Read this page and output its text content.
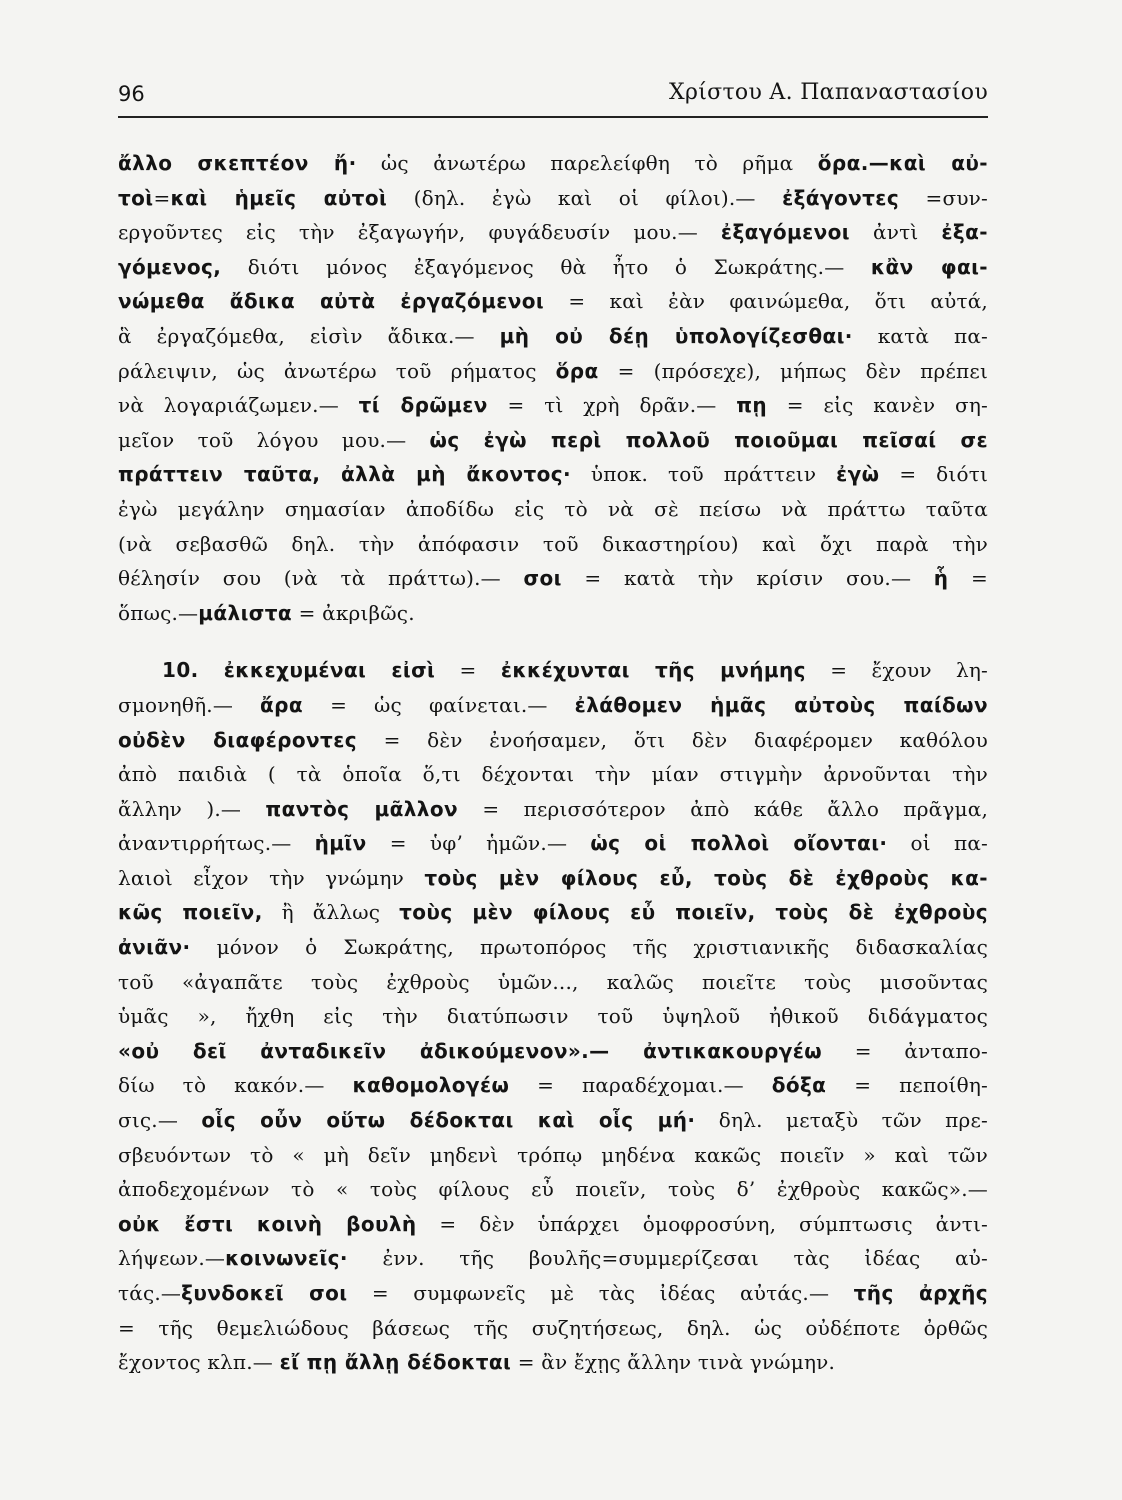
96	Χρίστου Α. Παπαναστασίου
ἄλλο σκεπτέον ἤ· ὡς ἀνωτέρω παρελείφθη τὸ ρῆμα ὅρα.—καὶ αὐ-
τοὶ=καὶ ἡμεῖς αὐτοὶ (δηλ. ἐγὼ καὶ οἱ φίλοι).— ἐξάγοντες =συν-
εργοῦντες εἰς τὴν ἐξαγωγήν, φυγάδευσίν μου.— ἐξαγόμενοι ἀντὶ ἐξα-
γόμενος, διότι μόνος ἐξαγόμενος θὰ ἦτο ὁ Σωκράτης.— κἂν φαι-
νώμεθα ἄδικα αὐτὰ ἐργαζόμενοι = καὶ ἐὰν φαινώμεθα, ὅτι αὐτά,
ἃ ἐργαζόμεθα, εἰσὶν ἄδικα.— μὴ οὐ δέῃ ὑπολογίζεσθαι· κατὰ πα-
ράλειψιν, ὡς ἀνωτέρω τοῦ ρήματος ὅρα = (πρόσεχε), μήπως δὲν πρέπει
νὰ λογαριάζωμεν.— τί δρῶμεν = τὶ χρὴ δρᾶν.— πῃ = εἰς κανὲν ση-
μεῖον τοῦ λόγου μου.— ὡς ἐγὼ περὶ πολλοῦ ποιοῦμαι πεῖσαί σε
πράττειν ταῦτα, ἀλλὰ μὴ ἄκοντος· ὑποκ. τοῦ πράττειν ἐγὼ = διότι
ἐγὼ μεγάλην σημασίαν ἀποδίδω εἰς τὸ νὰ σὲ πείσω νὰ πράττω ταῦτα
(νὰ σεβασθῶ δηλ. τὴν ἀπόφασιν τοῦ δικαστηρίου) καὶ ὄχι παρὰ τὴν
θέλησίν σου (νὰ τὰ πράττω).— σοι = κατὰ τὴν κρίσιν σου.— ἧ =
ὅπως.—μάλιστα = ἀκριβῶς.
10. ἐκκεχυμέναι εἰσὶ = ἐκκέχυνται τῆς μνήμης = ἔχουν λη-
σμονηθῆ.— ἄρα = ὡς φαίνεται.— ἐλάθομεν ἡμᾶς αὐτοὺς παίδων
οὐδὲν διαφέροντες = δὲν ἐνοήσαμεν, ὅτι δὲν διαφέρομεν καθόλου
ἀπὸ παιδιὰ ( τὰ ὁποῖα ὅ,τι δέχονται τὴν μίαν στιγμὴν ἀρνοῦνται τὴν
ἄλλην ).— παντὸς μᾶλλον = περισσότερον ἀπὸ κάθε ἄλλο πρᾶγμα,
ἀναντιρρήτως.— ἡμῖν = ὑφ’ ἡμῶν.— ὡς οἱ πολλοὶ οἴονται· οἱ πα-
λαιοὶ εἶχον τὴν γνώμην τοὺς μὲν φίλους εὖ, τοὺς δὲ ἐχθροὺς κα-
κῶς ποιεῖν, ἢ ἄλλως τοὺς μὲν φίλους εὖ ποιεῖν, τοὺς δὲ ἐχθροὺς
ἀνιᾶν· μόνον ὁ Σωκράτης, πρωτοπόρος τῆς χριστιανικῆς διδασκαλίας
τοῦ «ἀγαπᾶτε τοὺς ἐχθροὺς ὑμῶν..., καλῶς ποιεῖτε τοὺς μισοῦντας
ὑμᾶς », ἤχθη εἰς τὴν διατύπωσιν τοῦ ὑψηλοῦ ἠθικοῦ διδάγματος
«οὐ δεῖ ἀνταδικεῖν ἀδικούμενον».— ἀντικακουργέω = ἀνταπο-
δίω τὸ κακόν.— καθομολογέω = παραδέχομαι.— δόξα = πεποίθη-
σις.— οἷς οὖν οὕτω δέδοκται καὶ οἷς μή· δηλ. μεταξὺ τῶν πρε-
σβευόντων τὸ « μὴ δεῖν μηδενὶ τρόπῳ μηδένα κακῶς ποιεῖν » καὶ τῶν
ἀποδεχομένων τὸ « τοὺς φίλους εὖ ποιεῖν, τοὺς δ’ ἐχθροὺς κακῶς».—
οὐκ ἔστι κοινὴ βουλὴ = δὲν ὑπάρχει ὁμοφροσύνη, σύμπτωσις ἀντι-
λήψεων.—κοινωνεῖς· ἐνν. τῆς βουλῆς=συμμερίζεσαι τὰς ἰδέας αὐ-
τάς.—ξυνδοκεῖ σοι = συμφωνεῖς μὲ τὰς ἰδέας αὐτάς.— τῆς ἀρχῆς
= τῆς θεμελιώδους βάσεως τῆς συζητήσεως, δηλ. ὡς οὐδέποτε ὀρθῶς
ἔχοντος κλπ.— εἴ πῃ ἄλλῃ δέδοκται = ἂν ἔχῃς ἄλλην τινὰ γνώμην.
